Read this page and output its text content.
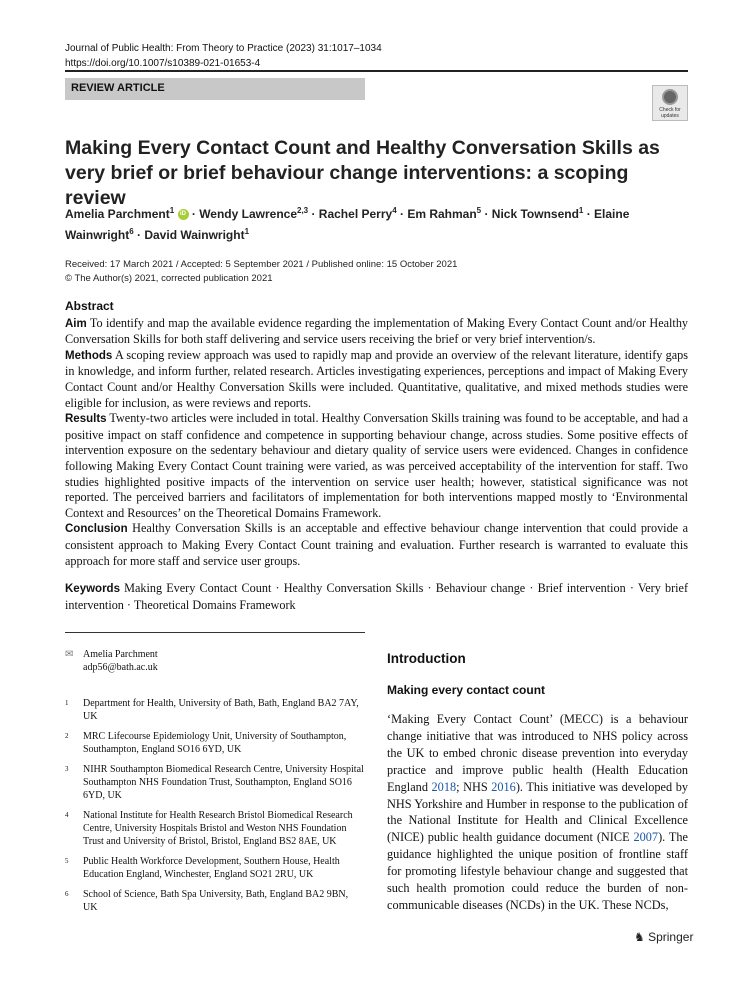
Journal of Public Health: From Theory to Practice (2023) 31:1017–1034
https://doi.org/10.1007/s10389-021-01653-4
REVIEW ARTICLE
Check for updates
Making Every Contact Count and Healthy Conversation Skills as very brief or brief behaviour change interventions: a scoping review
Amelia Parchment$^1$ iD · Wendy Lawrence$^{2,3}$ · Rachel Perry$^4$ · Em Rahman$^5$ · Nick Townsend$^1$ · Elaine Wainwright$^6$ · David Wainwright$^1$
Received: 17 March 2021 / Accepted: 5 September 2021 / Published online: 15 October 2021
© The Author(s) 2021, corrected publication 2021
Abstract
Aim To identify and map the available evidence regarding the implementation of Making Every Contact Count and/or Healthy Conversation Skills for both staff delivering and service users receiving the brief or very brief intervention/s.
Methods A scoping review approach was used to rapidly map and provide an overview of the relevant literature, identify gaps in knowledge, and inform further, related research. Articles investigating experiences, perceptions and impact of Making Every Contact Count and/or Healthy Conversation Skills were included. Quantitative, qualitative, and mixed methods studies were eligible for inclusion, as were reviews and reports.
Results Twenty-two articles were included in total. Healthy Conversation Skills training was found to be acceptable, and had a positive impact on staff confidence and competence in supporting behaviour change, across studies. Some positive effects of intervention exposure on the sedentary behaviour and dietary quality of service users were evidenced. Changes in confidence following Making Every Contact Count training were varied, as was perceived acceptability of the intervention for staff. Two studies highlighted positive impacts of the intervention on service user health; however, statistical significance was not reported. The perceived barriers and facilitators of implementation for both interventions mapped mostly to ‘Environmental Context and Resources’ on the Theoretical Domains Framework.
Conclusion Healthy Conversation Skills is an acceptable and effective behaviour change intervention that could provide a consistent approach to Making Every Contact Count training and evaluation. Further research is warranted to evaluate this approach for more staff and service user groups.
Keywords Making Every Contact Count · Healthy Conversation Skills · Behaviour change · Brief intervention · Very brief intervention · Theoretical Domains Framework
✉ Amelia Parchment
adp56@bath.ac.uk
1	Department for Health, University of Bath, Bath, England BA2 7AY, UK
2	MRC Lifecourse Epidemiology Unit, University of Southampton, Southampton, England SO16 6YD, UK
3	NIHR Southampton Biomedical Research Centre, University Hospital Southampton NHS Foundation Trust, Southampton, England SO16 6YD, UK
4	National Institute for Health Research Bristol Biomedical Research Centre, University Hospitals Bristol and Weston NHS Foundation Trust and University of Bristol, Bristol, England BS2 8AE, UK
5	Public Health Workforce Development, Southern House, Health Education England, Winchester, England SO21 2RU, UK
6	School of Science, Bath Spa University, Bath, England BA2 9BN, UK
Introduction
Making every contact count

‘Making Every Contact Count’ (MECC) is a behaviour change initiative that was introduced to NHS policy across the UK to embed chronic disease prevention into everyday practice and improve public health (Health Education England 2018; NHS 2016). This initiative was developed by NHS Yorkshire and Humber in response to the publication of the National Institute for Health and Clinical Excellence (NICE) public health guidance document (NICE 2007). The guidance highlighted the unique position of frontline staff for promoting lifestyle behaviour change and suggested that such health promotion could reduce the burden of non-communicable diseases (NCDs) in the UK. These NCDs,

♞ Springer
